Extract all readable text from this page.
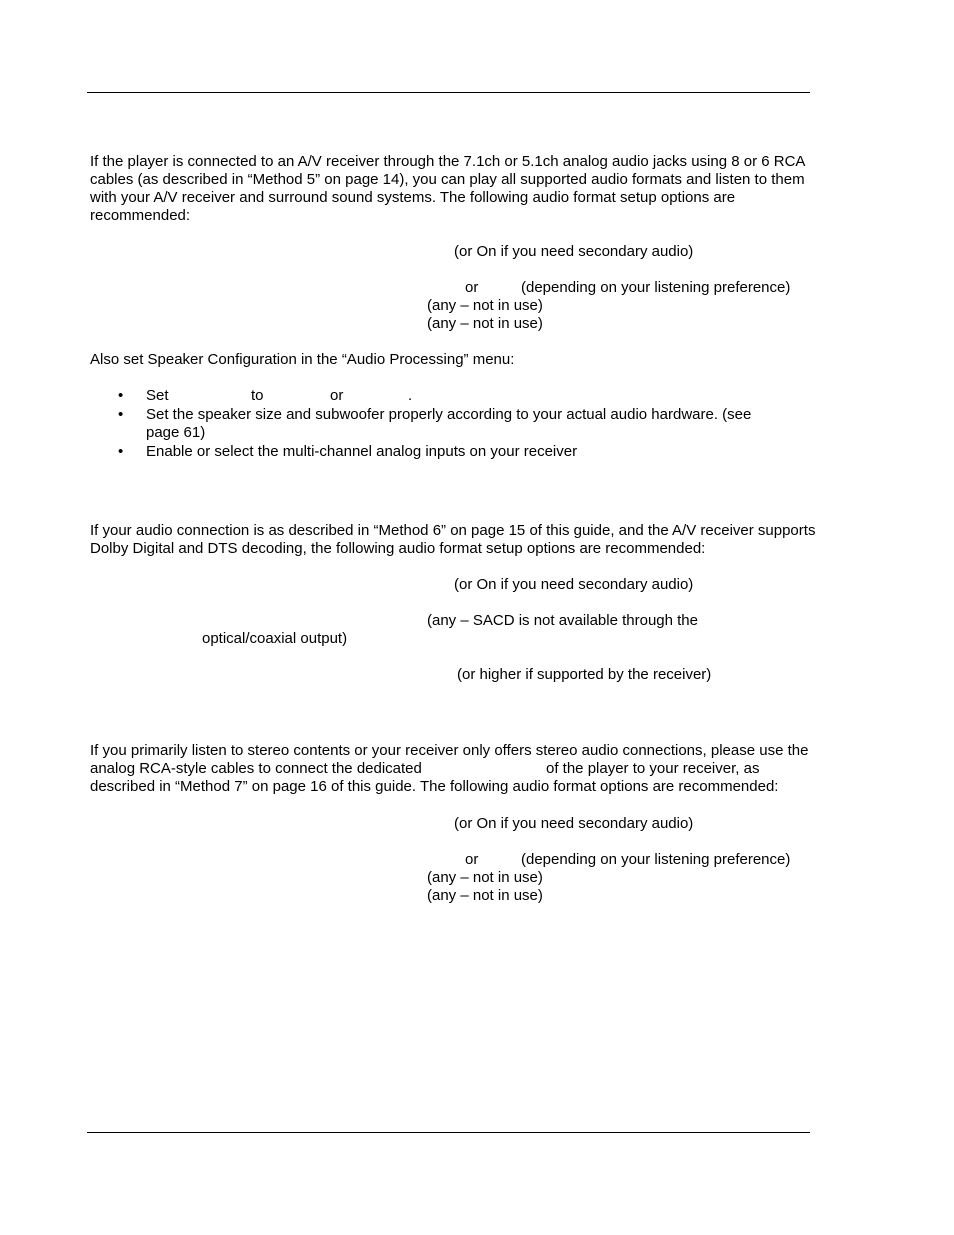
If the player is connected to an A/V receiver through the 7.1ch or 5.1ch analog audio jacks using 8 or 6 RCA
cables (as described in “Method 5” on page 14), you can play all supported audio formats and listen to them
with your A/V receiver and surround sound systems. The following audio format setup options are
recommended:
(or On if you need secondary audio)
or	(depending on your listening preference)
(any – not in use)
(any – not in use)
Also set Speaker Configuration in the “Audio Processing” menu:
• Set	to	or	.
• Set the speaker size and subwoofer properly according to your actual audio hardware. (see
page 61)
• Enable or select the multi-channel analog inputs on your receiver
If your audio connection is as described in “Method 6” on page 15 of this guide, and the A/V receiver supports
Dolby Digital and DTS decoding, the following audio format setup options are recommended:
(or On if you need secondary audio)
(any – SACD is not available through the
optical/coaxial output)
(or higher if supported by the receiver)
If you primarily listen to stereo contents or your receiver only offers stereo audio connections, please use the
analog RCA-style cables to connect the dedicated	of the player to your receiver, as
described in “Method 7” on page 16 of this guide. The following audio format options are recommended:
(or On if you need secondary audio)
or	(depending on your listening preference)
(any – not in use)
(any – not in use)
